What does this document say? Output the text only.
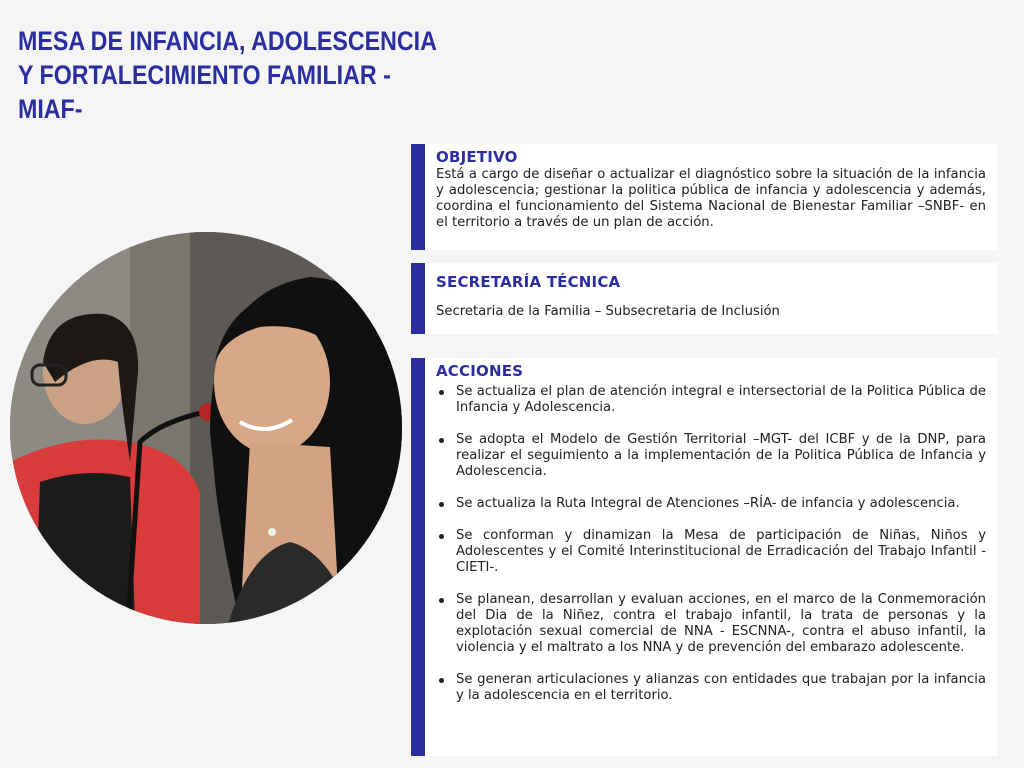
MESA DE INFANCIA, ADOLESCENCIA Y FORTALECIMIENTO FAMILIAR - MIAF-
OBJETIVO

Está a cargo de diseñar o actualizar el diagnóstico sobre la situación de la infancia y adolescencia; gestionar la politica pública de infancia y adolescencia y además, coordina el funcionamiento del Sistema Nacional de Bienestar Familiar –SNBF- en el territorio a través de un plan de acción.

SECRETARÍA TÉCNICA

Secretaria de la Familia – Subsecretaria de Inclusión

ACCIONES
Se actualiza el plan de atención integral e intersectorial de la Politica Pública de Infancia y Adolescencia.
Se adopta el Modelo de Gestión Territorial –MGT- del ICBF y de la DNP, para realizar el seguimiento a la implementación de la Politica Pública de Infancia y Adolescencia.
Se actualiza la Ruta Integral de Atenciones –RÍA- de infancia y adolescencia.
Se conforman y dinamizan la Mesa de participación de Niñas, Niños y Adolescentes y el Comité Interinstitucional de Erradicación del Trabajo Infantil -CIETI-.
Se planean, desarrollan y evaluan acciones, en el marco de la Conmemoración del Dia de la Niñez, contra el trabajo infantil, la trata de personas y la explotación sexual comercial de NNA - ESCNNA-, contra el abuso infantil, la violencia y el maltrato a los NNA y de prevención del embarazo adolescente.
Se generan articulaciones y alianzas con entidades que trabajan por la infancia y la adolescencia en el territorio.
